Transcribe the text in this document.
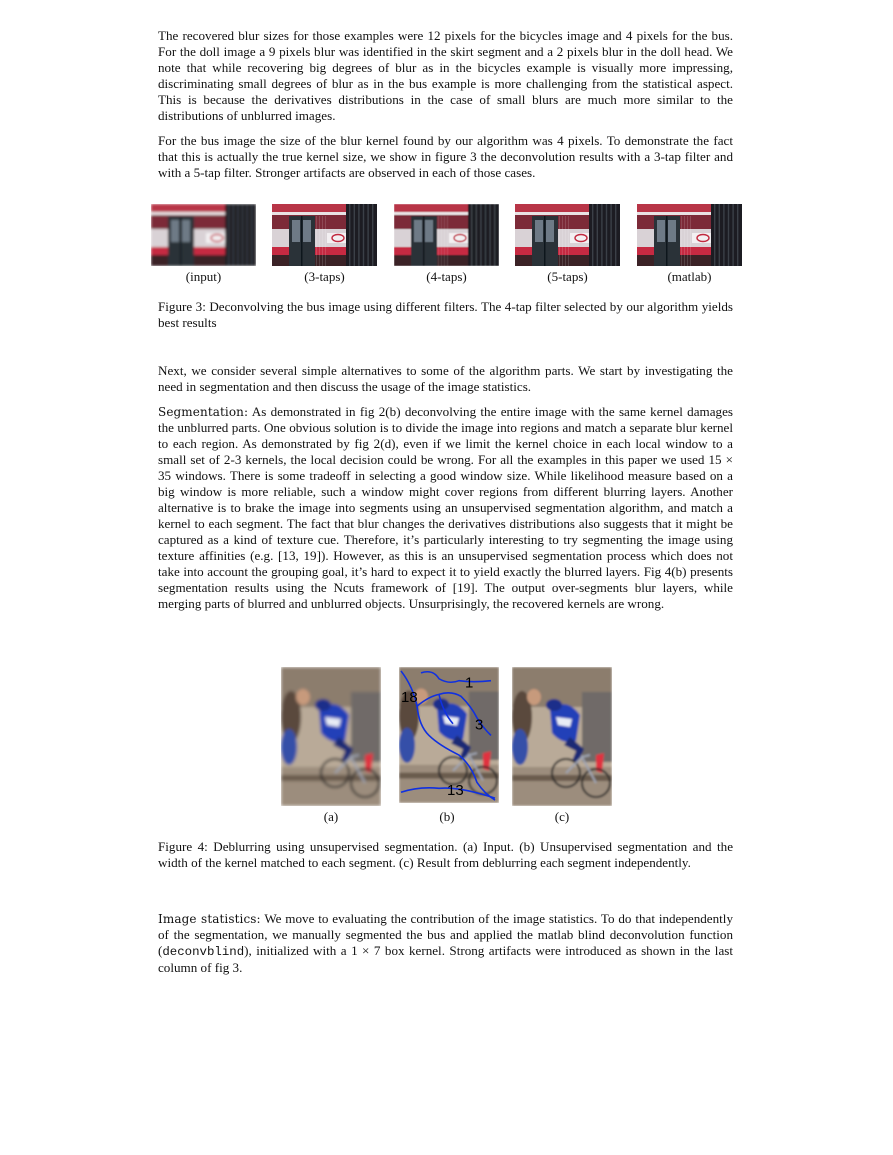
The recovered blur sizes for those examples were 12 pixels for the bicycles image and 4 pixels for the bus. For the doll image a 9 pixels blur was identified in the skirt segment and a 2 pixels blur in the doll head. We note that while recovering big degrees of blur as in the bicycles example is visually more impressing, discriminating small degrees of blur as in the bus example is more challenging from the statistical aspect. This is because the derivatives distributions in the case of small blurs are much more similar to the distributions of unblurred images.

For the bus image the size of the blur kernel found by our algorithm was 4 pixels. To demonstrate the fact that this is actually the true kernel size, we show in figure 3 the deconvolution results with a 3-tap filter and with a 5-tap filter. Stronger artifacts are observed in each of those cases.

(input)	(3-taps)	(4-taps)	(5-taps)	(matlab)

Figure 3: Deconvolving the bus image using different filters. The 4-tap filter selected by our algorithm yields best results

Next, we consider several simple alternatives to some of the algorithm parts. We start by investigating the need in segmentation and then discuss the usage of the image statistics.

Segmentation: As demonstrated in fig 2(b) deconvolving the entire image with the same kernel damages the unblurred parts. One obvious solution is to divide the image into regions and match a separate blur kernel to each region. As demonstrated by fig 2(d), even if we limit the kernel choice in each local window to a small set of 2-3 kernels, the local decision could be wrong. For all the examples in this paper we used 15 × 35 windows. There is some tradeoff in selecting a good window size. While likelihood measure based on a big window is more reliable, such a window might cover regions from different blurring layers. Another alternative is to brake the image into segments using an unsupervised segmentation algorithm, and match a kernel to each segment. The fact that blur changes the derivatives distributions also suggests that it might be captured as a kind of texture cue. Therefore, it’s particularly interesting to try segmenting the image using texture affinities (e.g. [13, 19]). However, as this is an unsupervised segmentation process which does not take into account the grouping goal, it’s hard to expect it to yield exactly the blurred layers. Fig 4(b) presents segmentation results using the Ncuts framework of [19]. The output over-segments blur layers, while merging parts of blurred and unblurred objects. Unsurprisingly, the recovered kernels are wrong.

1
18
3
13
(a)	(b)	(c)

Figure 4: Deblurring using unsupervised segmentation. (a) Input. (b) Unsupervised segmentation and the width of the kernel matched to each segment. (c) Result from deblurring each segment independently.

Image statistics: We move to evaluating the contribution of the image statistics. To do that independently of the segmentation, we manually segmented the bus and applied the matlab blind deconvolution function (deconvblind), initialized with a 1 × 7 box kernel. Strong artifacts were introduced as shown in the last column of fig 3.
